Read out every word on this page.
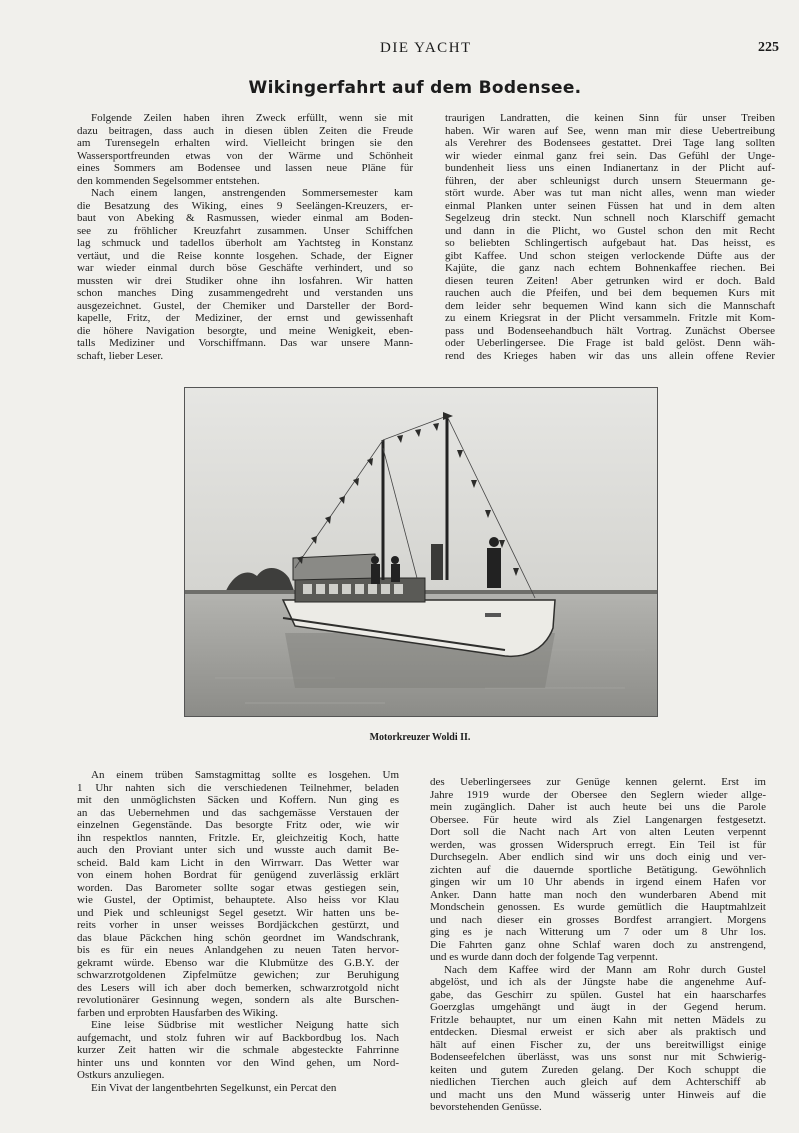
DIE YACHT	225
Wikingerfahrt auf dem Bodensee.
Folgende Zeilen haben ihren Zweck erfüllt, wenn sie mit
dazu beitragen, dass auch in diesen üblen Zeiten die Freude
am Turensegeln erhalten wird. Vielleicht bringen sie den
Wassersportfreunden etwas von der Wärme und Schönheit
eines Sommers am Bodensee und lassen neue Pläne für
den kommenden Segelsommer entstehen.
Nach einem langen, anstrengenden Sommersemester kam
die Besatzung des Wiking, eines 9 Seelängen-Kreuzers, er-
baut von Abeking & Rasmussen, wieder einmal am Boden-
see zu fröhlicher Kreuzfahrt zusammen. Unser Schiffchen
lag schmuck und tadellos überholt am Yachtsteg in Konstanz
vertäut, und die Reise konnte losgehen. Schade, der Eigner
war wieder einmal durch böse Geschäfte verhindert, und so
mussten wir drei Studiker ohne ihn losfahren. Wir hatten
schon manches Ding zusammengedreht und verstanden uns
ausgezeichnet. Gustel, der Chemiker und Darsteller der Bord-
kapelle, Fritz, der Mediziner, der ernst und gewissenhaft
die höhere Navigation besorgte, und meine Wenigkeit, eben-
talls Mediziner und Vorschiffmann. Das war unsere Mann-
schaft, lieber Leser.
traurigen Landratten, die keinen Sinn für unser Treiben
haben. Wir waren auf See, wenn man mir diese Uebertreibung
als Verehrer des Bodensees gestattet. Drei Tage lang sollten
wir wieder einmal ganz frei sein. Das Gefühl der Unge-
bundenheit liess uns einen Indianertanz in der Plicht auf-
führen, der aber schleunigst durch unsern Steuermann ge-
stört wurde. Aber was tut man nicht alles, wenn man wieder
einmal Planken unter seinen Füssen hat und in dem alten
Segelzeug drin steckt. Nun schnell noch Klarschiff gemacht
und dann in die Plicht, wo Gustel schon den mit Recht
so beliebten Schlingertisch aufgebaut hat. Das heisst, es
gibt Kaffee. Und schon steigen verlockende Düfte aus der
Kajüte, die ganz nach echtem Bohnenkaffee riechen. Bei
diesen teuren Zeiten! Aber getrunken wird er doch. Bald
rauchen auch die Pfeifen, und bei dem bequemen Kurs mit
dem leider sehr bequemen Wind kann sich die Mannschaft
zu einem Kriegsrat in der Plicht versammeln. Fritzle mit Kom-
pass und Bodenseehandbuch hält Vortrag. Zunächst Obersee
oder Ueberlingersee. Die Frage ist bald gelöst. Denn wäh-
rend des Krieges haben wir das uns allein offene Revier
Motorkreuzer Woldi II.
An einem trüben Samstagmittag sollte es losgehen. Um
1 Uhr nahten sich die verschiedenen Teilnehmer, beladen
mit den unmöglichsten Säcken und Koffern. Nun ging es
an das Uebernehmen und das sachgemässe Verstauen der
einzelnen Gegenstände. Das besorgte Fritz oder, wie wir
ihn respektlos nannten, Fritzle. Er, gleichzeitig Koch, hatte
auch den Proviant unter sich und wusste auch damit Be-
scheid. Bald kam Licht in den Wirrwarr. Das Wetter war
von einem hohen Bordrat für genügend zuverlässig erklärt
worden. Das Barometer sollte sogar etwas gestiegen sein,
wie Gustel, der Optimist, behauptete. Also heiss vor Klau
und Piek und schleunigst Segel gesetzt. Wir hatten uns be-
reits vorher in unser weisses Bordjäckchen gestürzt, und
das blaue Päckchen hing schön geordnet im Wandschrank,
bis es für ein neues Anlandgehen zu neuen Taten hervor-
gekramt würde. Ebenso war die Klubmütze des G.B.Y. der
schwarzrotgoldenen Zipfelmütze gewichen; zur Beruhigung
des Lesers will ich aber doch bemerken, schwarzrotgold nicht
revolutionärer Gesinnung wegen, sondern als alte Burschen-
farben und erprobten Hausfarben des Wiking.
Eine leise Südbrise mit westlicher Neigung hatte sich
aufgemacht, und stolz fuhren wir auf Backbordbug los. Nach
kurzer Zeit hatten wir die schmale abgesteckte Fahrrinne
hinter uns und konnten vor den Wind gehen, um Nord-
Ostkurs anzuliegen.
Ein Vivat der langentbehrten Segelkunst, ein Percat den
des Ueberlingersees zur Genüge kennen gelernt. Erst im
Jahre 1919 wurde der Obersee den Seglern wieder allge-
mein zugänglich. Daher ist auch heute bei uns die Parole
Obersee. Für heute wird als Ziel Langenargen festgesetzt.
Dort soll die Nacht nach Art von alten Leuten verpennt
werden, was grossen Widerspruch erregt. Ein Teil ist für
Durchsegeln. Aber endlich sind wir uns doch einig und ver-
zichten auf die dauernde sportliche Betätigung. Gewöhnlich
gingen wir um 10 Uhr abends in irgend einem Hafen vor
Anker. Dann hatte man noch den wunderbaren Abend mit
Mondschein genossen. Es wurde gemütlich die Hauptmahlzeit
und nach dieser ein grosses Bordfest arrangiert. Morgens
ging es je nach Witterung um 7 oder um 8 Uhr los.
Die Fahrten ganz ohne Schlaf waren doch zu anstrengend,
und es wurde dann doch der folgende Tag verpennt.
Nach dem Kaffee wird der Mann am Rohr durch Gustel
abgelöst, und ich als der Jüngste habe die angenehme Auf-
gabe, das Geschirr zu spülen. Gustel hat ein haarscharfes
Goerzglas umgehängt und äugt in der Gegend herum.
Fritzle behauptet, nur um einen Kahn mit netten Mädels zu
entdecken. Diesmal erweist er sich aber als praktisch und
hält auf einen Fischer zu, der uns bereitwilligst einige
Bodenseefelchen überlässt, was uns sonst nur mit Schwierig-
keiten und gutem Zureden gelang. Der Koch schuppt die
niedlichen Tierchen auch gleich auf dem Achterschiff ab
und macht uns den Mund wässerig unter Hinweis auf die
bevorstehenden Genüsse.
